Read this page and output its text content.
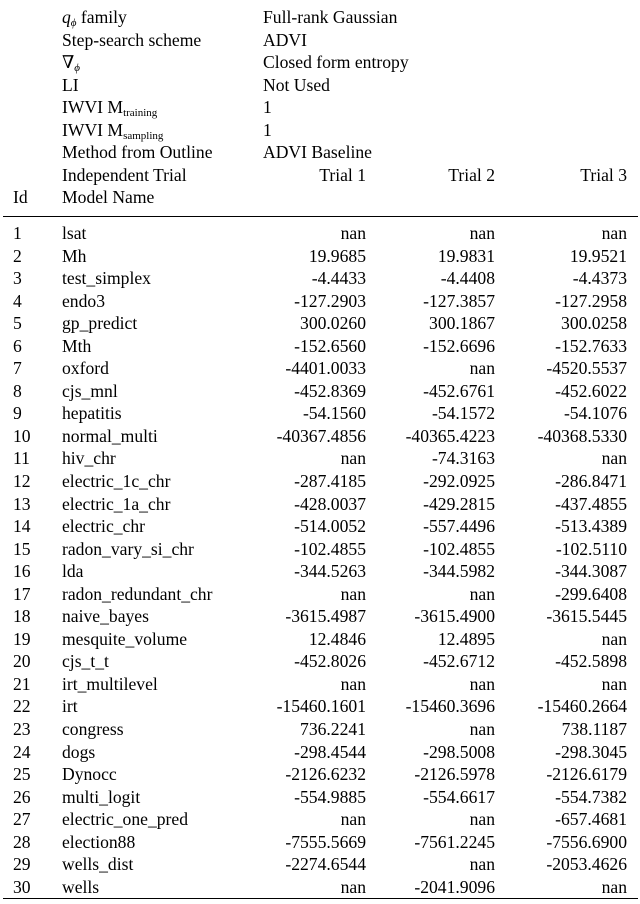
$q_\phi$ family	Full-rank Gaussian
Step-search scheme	ADVI
$\nabla_\phi$	Closed form entropy
LI	Not Used
IWVI $M_{training}$	1
IWVI $M_{sampling}$	1
Method from Outline	ADVI Baseline
Independent Trial	Trial 1	Trial 2	Trial 3
Id Model Name
1 lsat	nan	nan	nan
2 Mh	19.9685	19.9831	19.9521
3 test_simplex	-4.4433	-4.4408	-4.4373
4 endo3	-127.2903	-127.3857	-127.2958
5 gp_predict	300.0260	300.1867	300.0258
6 Mth	-152.6560	-152.6696	-152.7633
7 oxford	-4401.0033	nan	-4520.5537
8 cjs_mnl	-452.8369	-452.6761	-452.6022
9 hepatitis	-54.1560	-54.1572	-54.1076
10 normal_multi	-40367.4856 -40365.4223 -40368.5330
11 hiv_chr	nan	-74.3163	nan
12 electric_1c_chr	-287.4185	-292.0925	-286.8471
13 electric_1a_chr	-428.0037	-429.2815	-437.4855
14 electric_chr	-514.0052	-557.4496	-513.4389
15 radon_vary_si_chr	-102.4855	-102.4855	-102.5110
16 lda	-344.5263	-344.5982	-344.3087
17 radon_redundant_chr	nan	nan	-299.6408
18 naive_bayes	-3615.4987	-3615.4900	-3615.5445
19 mesquite_volume	12.4846	12.4895	nan
20 cjs_t_t	-452.8026	-452.6712	-452.5898
21 irt_multilevel	nan	nan	nan
22 irt	-15460.1601 -15460.3696 -15460.2664
23 congress	736.2241	nan	738.1187
24 dogs	-298.4544	-298.5008	-298.3045
25 Dynocc	-2126.6232	-2126.5978	-2126.6179
26 multi_logit	-554.9885	-554.6617	-554.7382
27 electric_one_pred	nan	nan	-657.4681
28 election88	-7555.5669	-7561.2245	-7556.6900
29 wells_dist	-2274.6544	nan	-2053.4626
30 wells	nan	-2041.9096	nan
